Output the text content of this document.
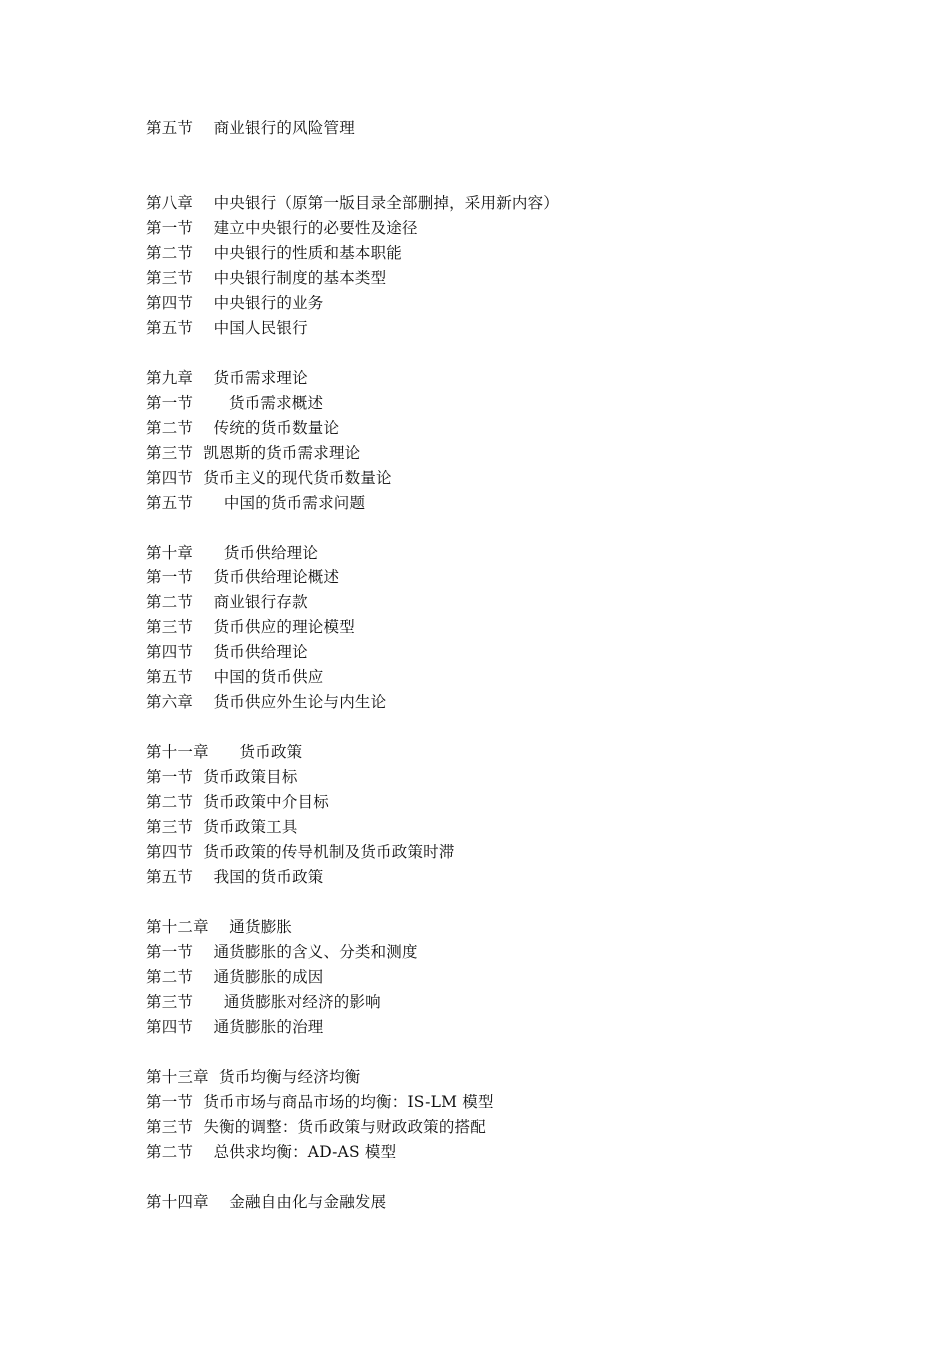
第五节    商业银行的风险管理
第八章    中央银行（原第一版目录全部删掉，采用新内容）
第一节    建立中央银行的必要性及途径
第二节    中央银行的性质和基本职能
第三节    中央银行制度的基本类型
第四节    中央银行的业务
第五节    中国人民银行
第九章    货币需求理论
第一节       货币需求概述
第二节    传统的货币数量论
第三节  凯恩斯的货币需求理论
第四节  货币主义的现代货币数量论
第五节      中国的货币需求问题
第十章      货币供给理论
第一节    货币供给理论概述
第二节    商业银行存款
第三节    货币供应的理论模型
第四节    货币供给理论
第五节    中国的货币供应
第六章    货币供应外生论与内生论
第十一章      货币政策
第一节  货币政策目标
第二节  货币政策中介目标
第三节  货币政策工具
第四节  货币政策的传导机制及货币政策时滞
第五节    我国的货币政策
第十二章    通货膨胀
第一节    通货膨胀的含义、分类和测度
第二节    通货膨胀的成因
第三节      通货膨胀对经济的影响
第四节    通货膨胀的治理
第十三章  货币均衡与经济均衡
第一节  货币市场与商品市场的均衡：IS-LM 模型
第三节  失衡的调整：货币政策与财政政策的搭配
第二节    总供求均衡：AD-AS 模型
第十四章    金融自由化与金融发展
